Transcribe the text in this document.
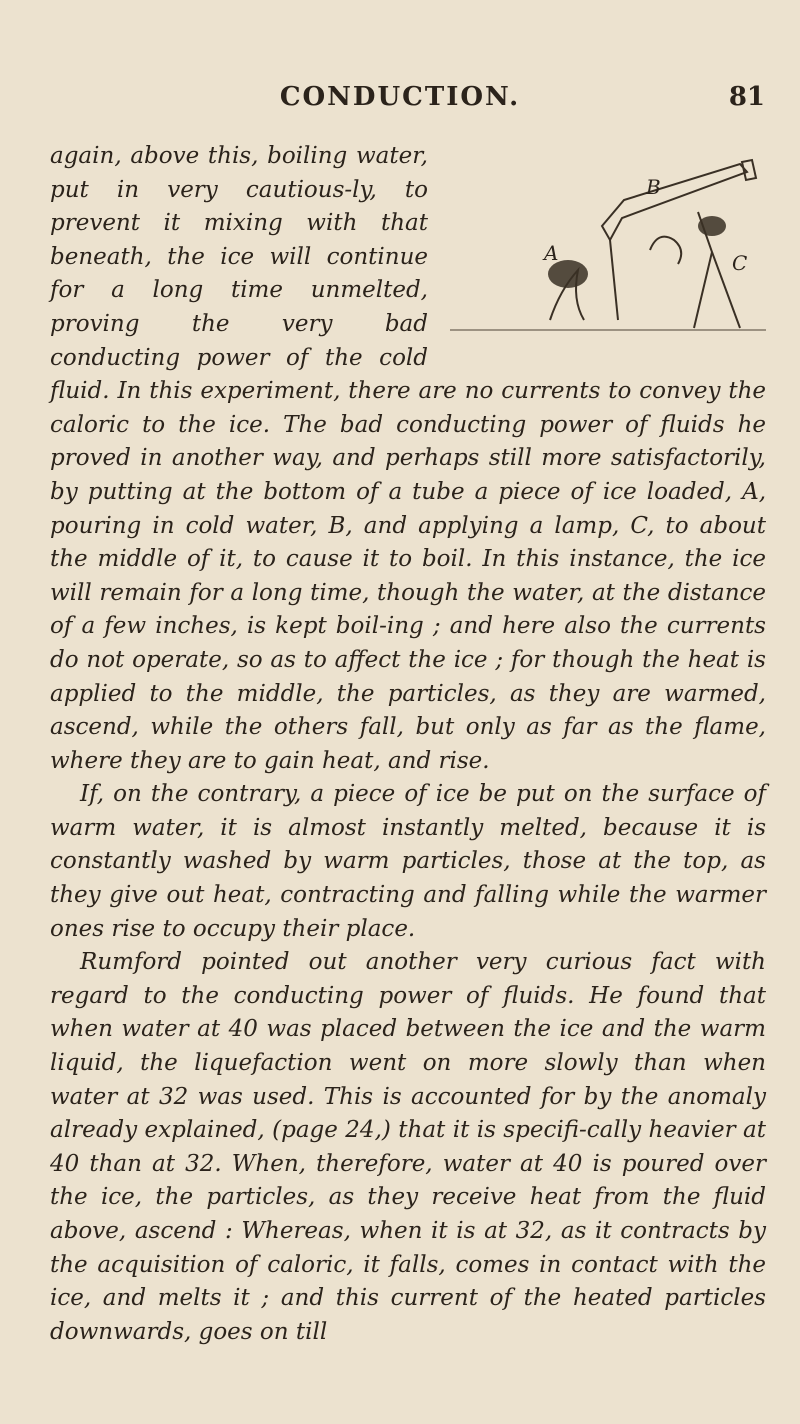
CONDUCTION.	81

B
A	C
again, above this, boiling water, put in very cautious-ly, to prevent it mixing with that beneath, the ice will continue for a long time unmelted, proving the very bad conducting power of the cold fluid. In this experiment, there are no currents to convey the caloric to the ice. The bad conducting power of fluids he proved in another way, and perhaps still more satisfactorily, by putting at the bottom of a tube a piece of ice loaded, A, pouring in cold water, B, and applying a lamp, C, to about the middle of it, to cause it to boil. In this instance, the ice will remain for a long time, though the water, at the distance of a few inches, is kept boil-ing ; and here also the currents do not operate, so as to affect the ice ; for though the heat is applied to the middle, the particles, as they are warmed, ascend, while the others fall, but only as far as the flame, where they are to gain heat, and rise.

If, on the contrary, a piece of ice be put on the surface of warm water, it is almost instantly melted, because it is constantly washed by warm particles, those at the top, as they give out heat, contracting and falling while the warmer ones rise to occupy their place.

Rumford pointed out another very curious fact with regard to the conducting power of fluids. He found that when water at 40 was placed between the ice and the warm liquid, the liquefaction went on more slowly than when water at 32 was used. This is accounted for by the anomaly already explained, (page 24,) that it is specifi-cally heavier at 40 than at 32. When, therefore, water at 40 is poured over the ice, the particles, as they receive heat from the fluid above, ascend : Whereas, when it is at 32, as it contracts by the acquisition of caloric, it falls, comes in contact with the ice, and melts it ; and this current of the heated particles downwards, goes on till
